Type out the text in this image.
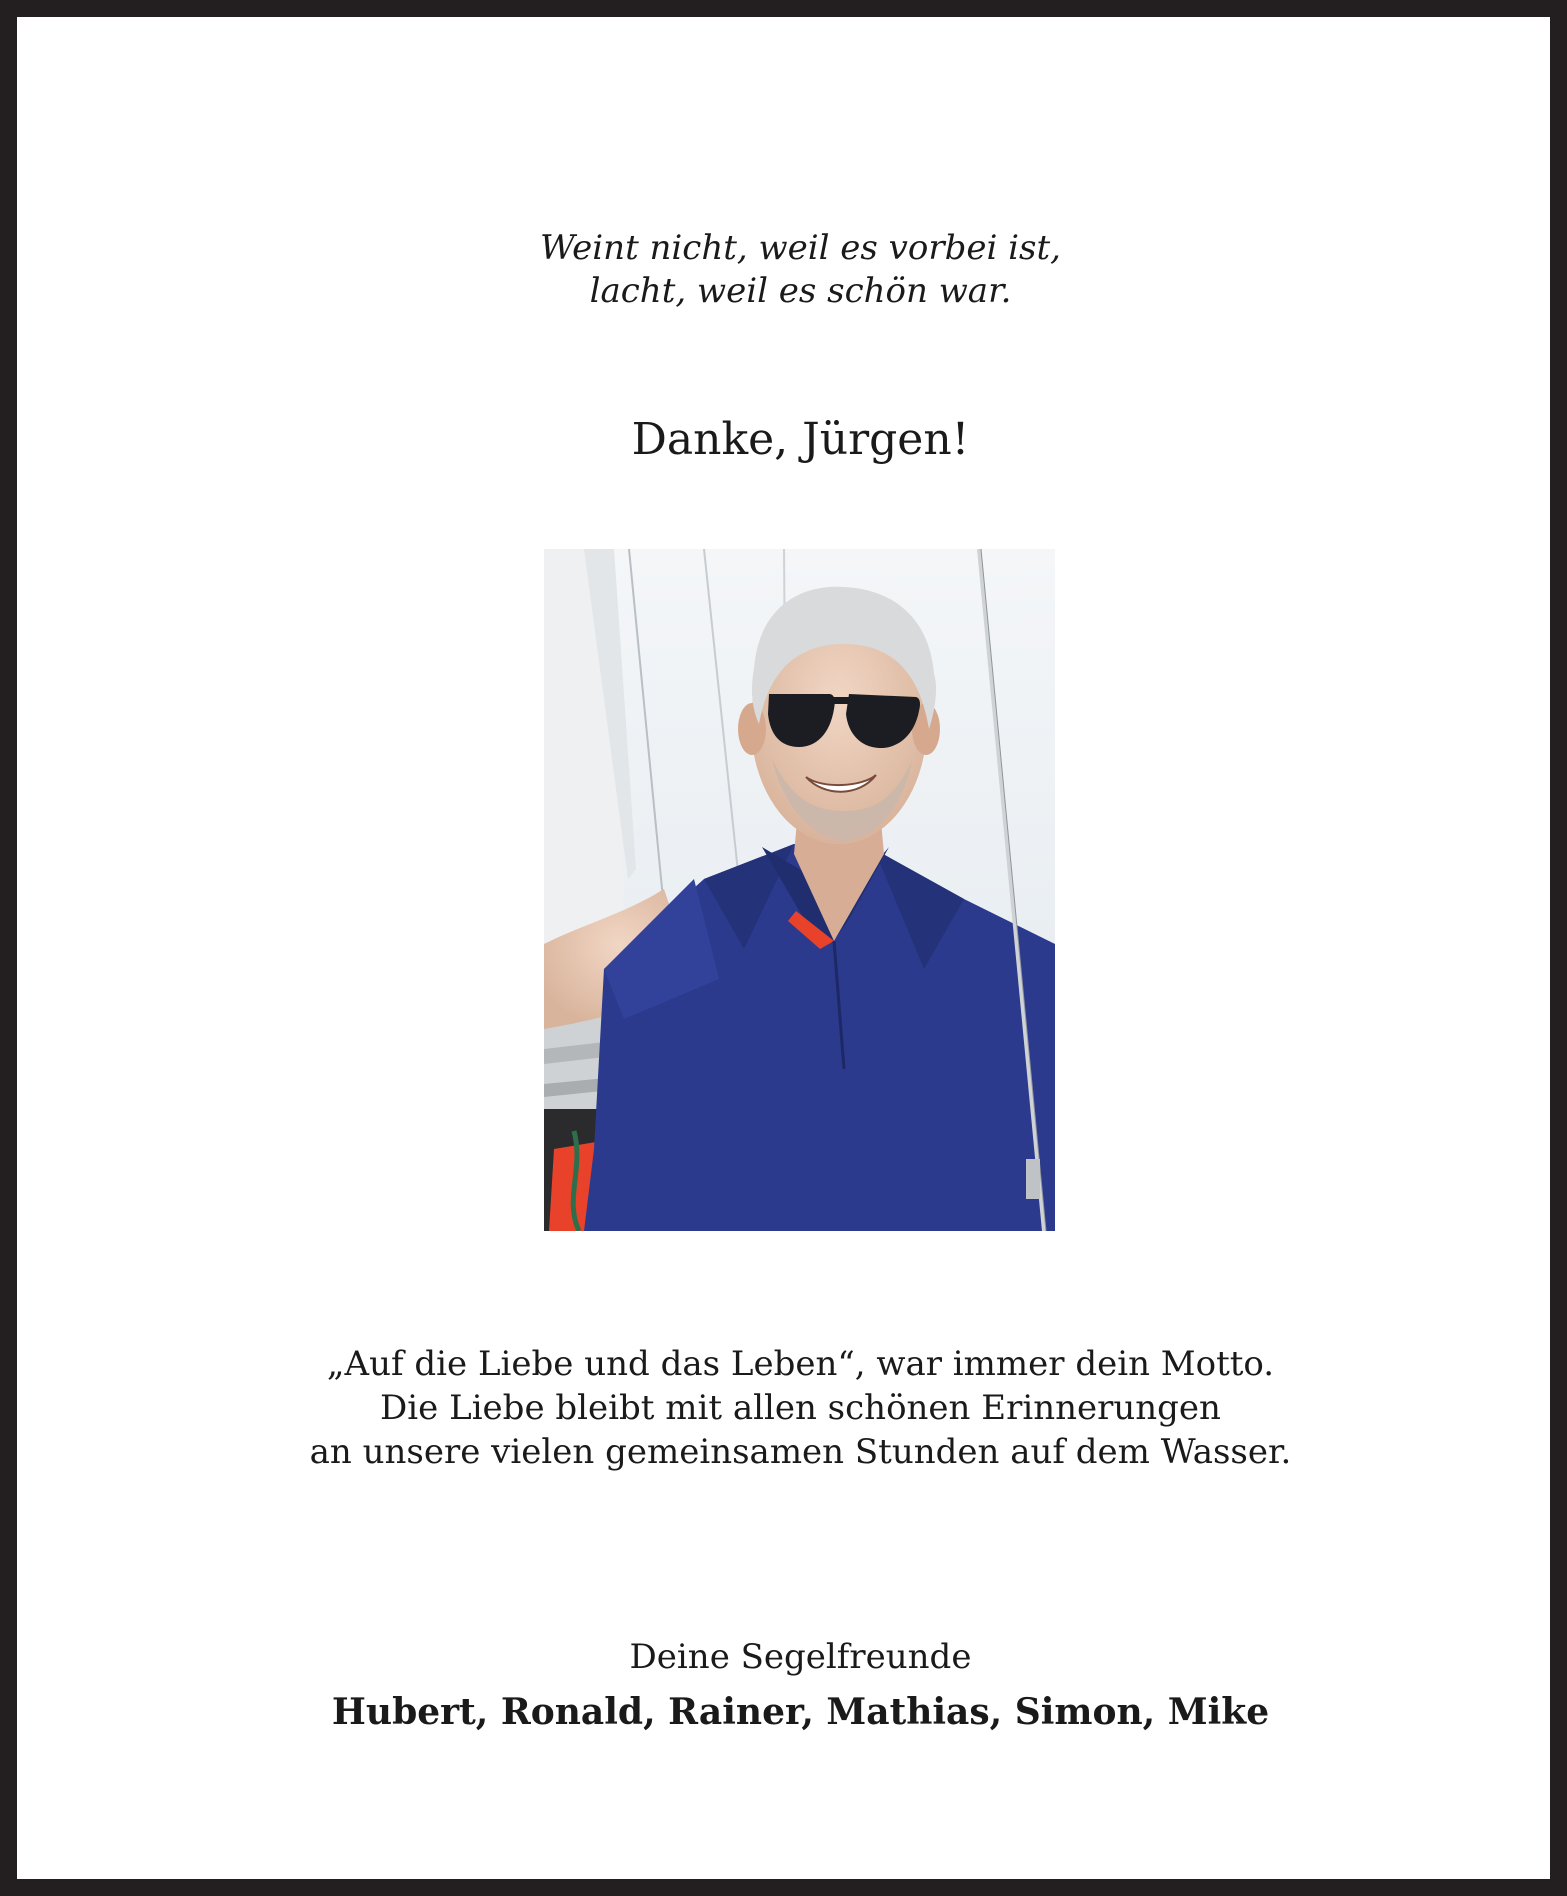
Weint nicht, weil es vorbei ist,
lacht, weil es schön war.
Danke, Jürgen!
„Auf die Liebe und das Leben“, war immer dein Motto.
Die Liebe bleibt mit allen schönen Erinnerungen
an unsere vielen gemeinsamen Stunden auf dem Wasser.
Deine Segelfreunde
Hubert, Ronald, Rainer, Mathias, Simon, Mike
